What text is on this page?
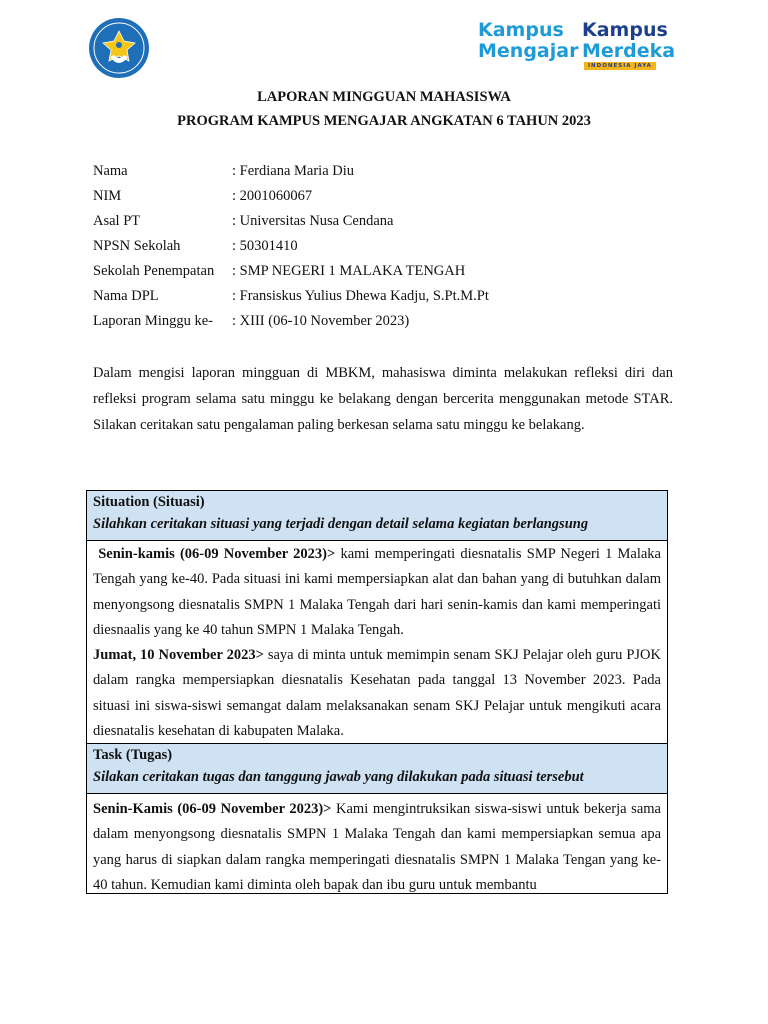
Kampus
Mengajar
Kampus
Merdeka
INDONESIA JAYA
LAPORAN MINGGUAN MAHASISWA
PROGRAM KAMPUS MENGAJAR ANGKATAN 6 TAHUN 2023
Nama	: Ferdiana Maria Diu
NIM	: 2001060067
Asal PT	: Universitas Nusa Cendana
NPSN Sekolah	: 50301410
Sekolah Penempatan : SMP NEGERI 1 MALAKA TENGAH
Nama DPL	: Fransiskus Yulius Dhewa Kadju, S.Pt.M.Pt
Laporan Minggu ke- : XIII (06-10 November 2023)
Dalam mengisi laporan mingguan di MBKM, mahasiswa diminta melakukan refleksi diri dan refleksi program selama satu minggu ke belakang dengan bercerita menggunakan metode STAR. Silakan ceritakan satu pengalaman paling berkesan selama satu minggu ke belakang.
Situation (Situasi)
Silahkan ceritakan situasi yang terjadi dengan detail selama kegiatan berlangsung
Senin-kamis (06-09 November 2023)> kami memperingati diesnatalis SMP Negeri 1 Malaka Tengah yang ke-40. Pada situasi ini kami mempersiapkan alat dan bahan yang di butuhkan dalam menyongsong diesnatalis SMPN 1 Malaka Tengah dari hari senin-kamis dan kami memperingati diesnaalis yang ke 40 tahun SMPN 1 Malaka Tengah.
Jumat, 10 November 2023> saya di minta untuk memimpin senam SKJ Pelajar oleh guru PJOK dalam rangka mempersiapkan diesnatalis Kesehatan pada tanggal 13 November 2023. Pada situasi ini siswa-siswi semangat dalam melaksanakan senam SKJ Pelajar untuk mengikuti acara diesnatalis kesehatan di kabupaten Malaka.
Task (Tugas)
Silakan ceritakan tugas dan tanggung jawab yang dilakukan pada situasi tersebut
Senin-Kamis (06-09 November 2023)> Kami mengintruksikan siswa-siswi untuk bekerja sama dalam menyongsong diesnatalis SMPN 1 Malaka Tengah dan kami mempersiapkan semua apa yang harus di siapkan dalam rangka memperingati diesnatalis SMPN 1 Malaka Tengan yang ke-40 tahun. Kemudian kami diminta oleh bapak dan ibu guru untuk membantu
